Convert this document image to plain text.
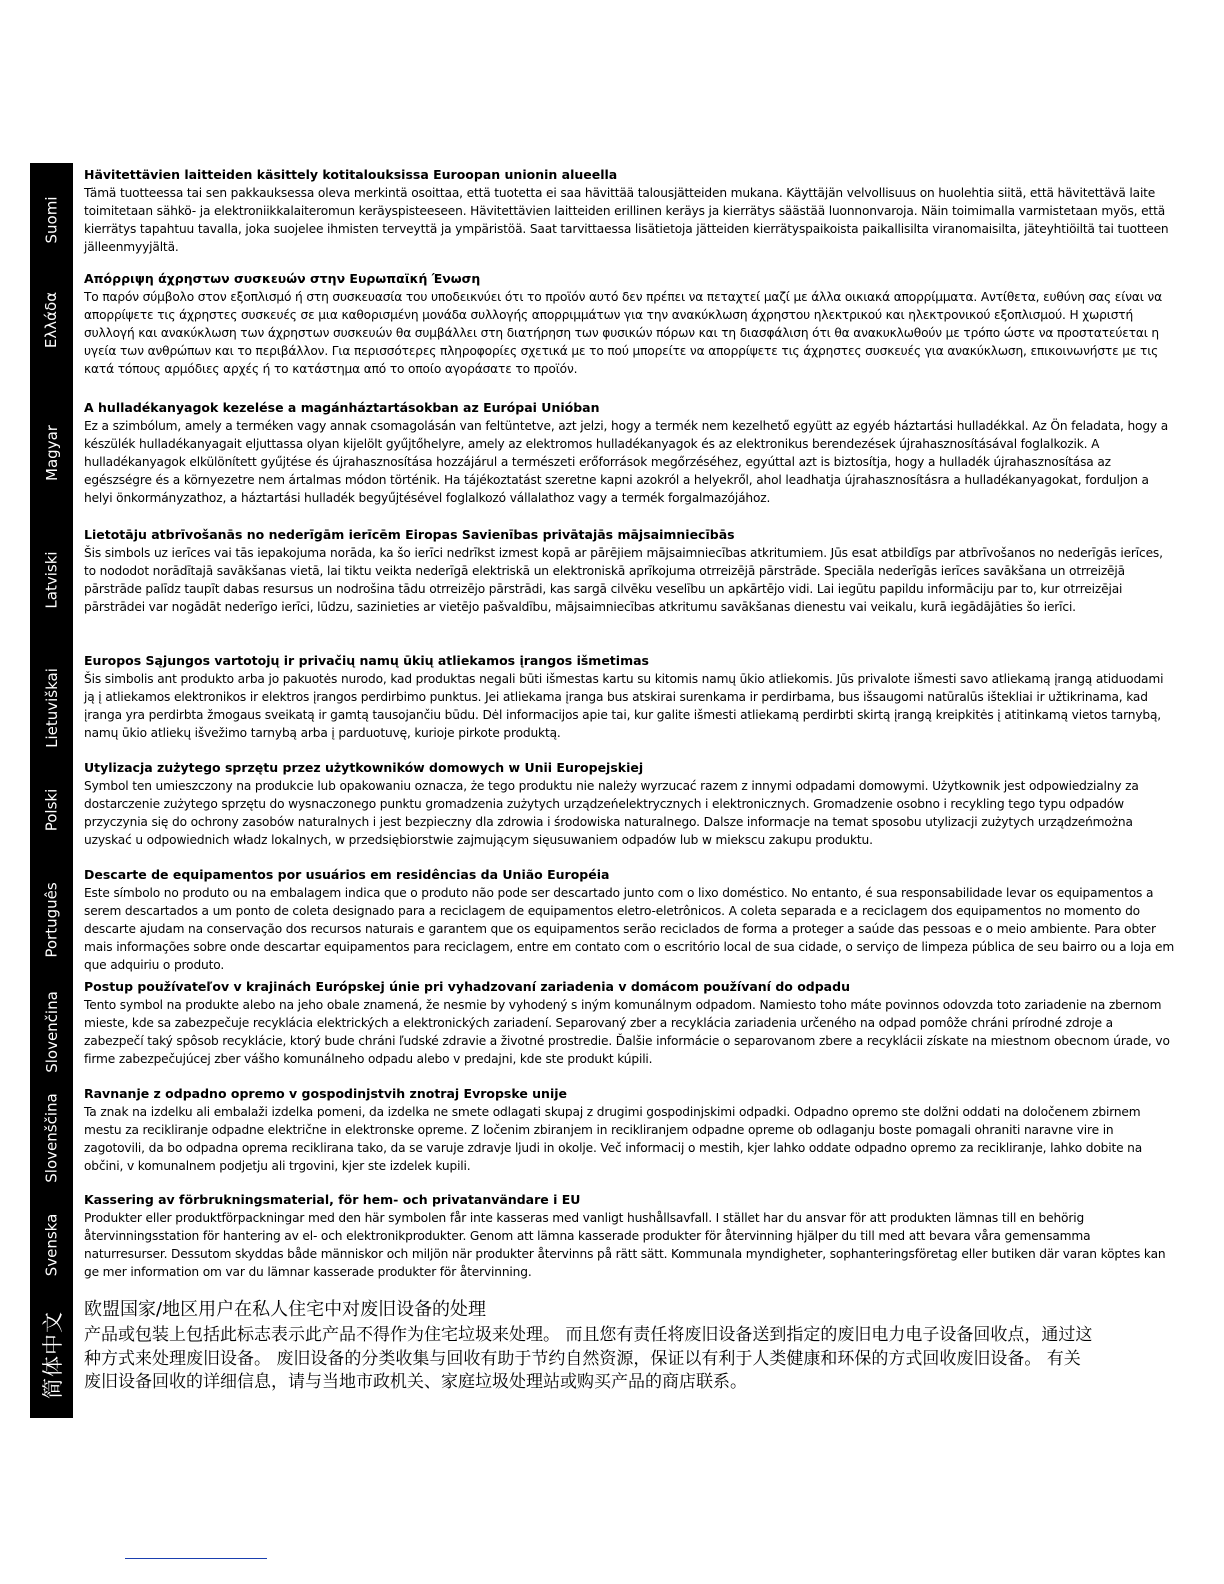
Suomi
Ελλάδα
Magyar
Latviski
Lietuviškai
Polski
Português
Slovenčina
Slovenščina
Svenska
简体中文
Hävitettävien laitteiden käsittely kotitalouksissa Euroopan unionin alueella

Tämä tuotteessa tai sen pakkauksessa oleva merkintä osoittaa, että tuotetta ei saa hävittää talousjätteiden mukana. Käyttäjän velvollisuus on huolehtia siitä, että hävitettävä laite toimitetaan sähkö- ja elektroniikkalaiteromun keräyspisteeseen. Hävitettävien laitteiden erillinen keräys ja kierrätys säästää luonnonvaroja. Näin toimimalla varmistetaan myös, että kierrätys tapahtuu tavalla, joka suojelee ihmisten terveyttä ja ympäristöä. Saat tarvittaessa lisätietoja jätteiden kierrätyspaikoista paikallisilta viranomaisilta, jäteyhtiöiltä tai tuotteen jälleenmyyjältä.

Απόρριψη άχρηστων συσκευών στην Ευρωπαϊκή Ένωση

Το παρόν σύμβολο στον εξοπλισμό ή στη συσκευασία του υποδεικνύει ότι το προϊόν αυτό δεν πρέπει να πεταχτεί μαζί με άλλα οικιακά απορρίμματα. Αντίθετα, ευθύνη σας είναι να απορρίψετε τις άχρηστες συσκευές σε μια καθορισμένη μονάδα συλλογής απορριμμάτων για την ανακύκλωση άχρηστου ηλεκτρικού και ηλεκτρονικού εξοπλισμού. Η χωριστή συλλογή και ανακύκλωση των άχρηστων συσκευών θα συμβάλλει στη διατήρηση των φυσικών πόρων και τη διασφάλιση ότι θα ανακυκλωθούν με τρόπο ώστε να προστατεύεται η υγεία των ανθρώπων και το περιβάλλον. Για περισσότερες πληροφορίες σχετικά με το πού μπορείτε να απορρίψετε τις άχρηστες συσκευές για ανακύκλωση, επικοινωνήστε με τις κατά τόπους αρμόδιες αρχές ή το κατάστημα από το οποίο αγοράσατε το προϊόν.

A hulladékanyagok kezelése a magánháztartásokban az Európai Unióban

Ez a szimbólum, amely a terméken vagy annak csomagolásán van feltüntetve, azt jelzi, hogy a termék nem kezelhető együtt az egyéb háztartási hulladékkal. Az Ön feladata, hogy a készülék hulladékanyagait eljuttassa olyan kijelölt gyűjtőhelyre, amely az elektromos hulladékanyagok és az elektronikus berendezések újrahasznosításával foglalkozik. A hulladékanyagok elkülönített gyűjtése és újrahasznosítása hozzájárul a természeti erőforrások megőrzéséhez, egyúttal azt is biztosítja, hogy a hulladék újrahasznosítása az egészségre és a környezetre nem ártalmas módon történik. Ha tájékoztatást szeretne kapni azokról a helyekről, ahol leadhatja újrahasznosításra a hulladékanyagokat, forduljon a helyi önkormányzathoz, a háztartási hulladék begyűjtésével foglalkozó vállalathoz vagy a termék forgalmazójához.

Lietotāju atbrīvošanās no nederīgām ierīcēm Eiropas Savienības privātajās mājsaimniecībās

Šis simbols uz ierīces vai tās iepakojuma norāda, ka šo ierīci nedrīkst izmest kopā ar pārējiem mājsaimniecības atkritumiem. Jūs esat atbildīgs par atbrīvošanos no nederīgās ierīces, to nododot norādītajā savākšanas vietā, lai tiktu veikta nederīgā elektriskā un elektroniskā aprīkojuma otrreizējā pārstrāde. Speciāla nederīgās ierīces savākšana un otrreizējā pārstrāde palīdz taupīt dabas resursus un nodrošina tādu otrreizējo pārstrādi, kas sargā cilvēku veselību un apkārtējo vidi. Lai iegūtu papildu informāciju par to, kur otrreizējai pārstrādei var nogādāt nederīgo ierīci, lūdzu, sazinieties ar vietējo pašvaldību, mājsaimniecības atkritumu savākšanas dienestu vai veikalu, kurā iegādājāties šo ierīci.

Europos Sąjungos vartotojų ir privačių namų ūkių atliekamos įrangos išmetimas

Šis simbolis ant produkto arba jo pakuotės nurodo, kad produktas negali būti išmestas kartu su kitomis namų ūkio atliekomis. Jūs privalote išmesti savo atliekamą įrangą atiduodami ją į atliekamos elektronikos ir elektros įrangos perdirbimo punktus. Jei atliekama įranga bus atskirai surenkama ir perdirbama, bus išsaugomi natūralūs ištekliai ir užtikrinama, kad įranga yra perdirbta žmogaus sveikatą ir gamtą tausojančiu būdu. Dėl informacijos apie tai, kur galite išmesti atliekamą perdirbti skirtą įrangą kreipkitės į atitinkamą vietos tarnybą, namų ūkio atliekų išvežimo tarnybą arba į parduotuvę, kurioje pirkote produktą.

Utylizacja zużytego sprzętu przez użytkowników domowych w Unii Europejskiej

Symbol ten umieszczony na produkcie lub opakowaniu oznacza, że tego produktu nie należy wyrzucać razem z innymi odpadami domowymi. Użytkownik jest odpowiedzialny za dostarczenie zużytego sprzętu do wysnaczonego punktu gromadzenia zużytych urządzeńelektrycznych i elektronicznych. Gromadzenie osobno i recykling tego typu odpadów przyczynia się do ochrony zasobów naturalnych i jest bezpieczny dla zdrowia i środowiska naturalnego. Dalsze informacje na temat sposobu utylizacji zużytych urządzeńmożna uzyskać u odpowiednich władz lokalnych, w przedsiębiorstwie zajmującym sięusuwaniem odpadów lub w miekscu zakupu produktu.

Descarte de equipamentos por usuários em residências da União Européia

Este símbolo no produto ou na embalagem indica que o produto não pode ser descartado junto com o lixo doméstico. No entanto, é sua responsabilidade levar os equipamentos a serem descartados a um ponto de coleta designado para a reciclagem de equipamentos eletro-eletrônicos. A coleta separada e a reciclagem dos equipamentos no momento do descarte ajudam na conservação dos recursos naturais e garantem que os equipamentos serão reciclados de forma a proteger a saúde das pessoas e o meio ambiente. Para obter mais informações sobre onde descartar equipamentos para reciclagem, entre em contato com o escritório local de sua cidade, o serviço de limpeza pública de seu bairro ou a loja em que adquiriu o produto.

Postup používateľov v krajinách Európskej únie pri vyhadzovaní zariadenia v domácom používaní do odpadu

Tento symbol na produkte alebo na jeho obale znamená, že nesmie by vyhodený s iným komunálnym odpadom. Namiesto toho máte povinnos odovzda toto zariadenie na zbernom mieste, kde sa zabezpečuje recyklácia elektrických a elektronických zariadení. Separovaný zber a recyklácia zariadenia určeného na odpad pomôže chráni prírodné zdroje a zabezpečí taký spôsob recyklácie, ktorý bude chráni ľudské zdravie a životné prostredie. Ďalšie informácie o separovanom zbere a recyklácii získate na miestnom obecnom úrade, vo firme zabezpečujúcej zber vášho komunálneho odpadu alebo v predajni, kde ste produkt kúpili.

Ravnanje z odpadno opremo v gospodinjstvih znotraj Evropske unije

Ta znak na izdelku ali embalaži izdelka pomeni, da izdelka ne smete odlagati skupaj z drugimi gospodinjskimi odpadki. Odpadno opremo ste dolžni oddati na določenem zbirnem mestu za recikliranje odpadne električne in elektronske opreme. Z ločenim zbiranjem in recikliranjem odpadne opreme ob odlaganju boste pomagali ohraniti naravne vire in zagotovili, da bo odpadna oprema reciklirana tako, da se varuje zdravje ljudi in okolje. Več informacij o mestih, kjer lahko oddate odpadno opremo za recikliranje, lahko dobite na občini, v komunalnem podjetju ali trgovini, kjer ste izdelek kupili.

Kassering av förbrukningsmaterial, för hem- och privatanvändare i EU

Produkter eller produktförpackningar med den här symbolen får inte kasseras med vanligt hushållsavfall. I stället har du ansvar för att produkten lämnas till en behörig återvinningsstation för hantering av el- och elektronikprodukter. Genom att lämna kasserade produkter för återvinning hjälper du till med att bevara våra gemensamma naturresurser. Dessutom skyddas både människor och miljön när produkter återvinns på rätt sätt. Kommunala myndigheter, sophanteringsföretag eller butiken där varan köptes kan ge mer information om var du lämnar kasserade produkter för återvinning.

欧盟国家/地区用户在私人住宅中对废旧设备的处理

产品或包装上包括此标志表示此产品不得作为住宅垃圾来处理。 而且您有责任将废旧设备送到指定的废旧电力电子设备回收点，通过这种方式来处理废旧设备。 废旧设备的分类收集与回收有助于节约自然资源，保证以有利于人类健康和环保的方式回收废旧设备。 有关废旧设备回收的详细信息，请与当地市政机关、家庭垃圾处理站或购买产品的商店联系。
